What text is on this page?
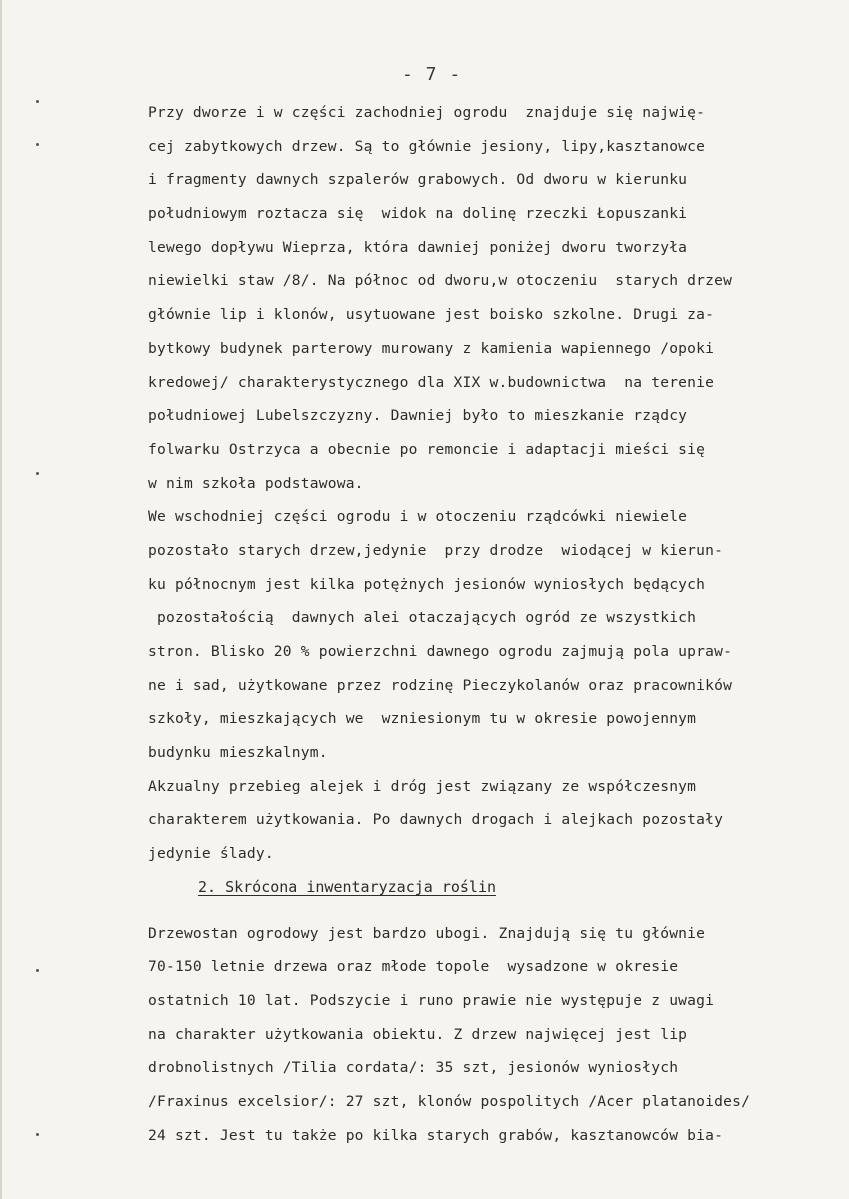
- 7 -
Przy dworze i w części zachodniej ogrodu  znajduje się najwię-
cej zabytkowych drzew. Są to głównie jesiony, lipy,kasztanowce
i fragmenty dawnych szpalerów grabowych. Od dworu w kierunku
południowym roztacza się  widok na dolinę rzeczki Łopuszanki
lewego dopływu Wieprza, która dawniej poniżej dworu tworzyła
niewielki staw /8/. Na północ od dworu,w otoczeniu  starych drzew
głównie lip i klonów, usytuowane jest boisko szkolne. Drugi za-
bytkowy budynek parterowy murowany z kamienia wapiennego /opoki
kredowej/ charakterystycznego dla XIX w.budownictwa  na terenie
południowej Lubelszczyzny. Dawniej było to mieszkanie rządcy
folwarku Ostrzyca a obecnie po remoncie i adaptacji mieści się
w nim szkoła podstawowa.
We wschodniej części ogrodu i w otoczeniu rządcówki niewiele
pozostało starych drzew,jedynie  przy drodze  wiodącej w kierun-
ku północnym jest kilka potężnych jesionów wyniosłych będących
pozostałością  dawnych alei otaczających ogród ze wszystkich
stron. Blisko 20 % powierzchni dawnego ogrodu zajmują pola upraw-
ne i sad, użytkowane przez rodzinę Pieczykolanów oraz pracowników
szkoły, mieszkających we  wzniesionym tu w okresie powojennym
budynku mieszkalnym.
Akzualny przebieg alejek i dróg jest związany ze współczesnym
charakterem użytkowania. Po dawnych drogach i alejkach pozostały
jedynie ślady.
2. Skrócona inwentaryzacja roślin
Drzewostan ogrodowy jest bardzo ubogi. Znajdują się tu głównie
70-150 letnie drzewa oraz młode topole  wysadzone w okresie
ostatnich 10 lat. Podszycie i runo prawie nie występuje z uwagi
na charakter użytkowania obiektu. Z drzew najwięcej jest lip
drobnolistnych /Tilia cordata/: 35 szt, jesionów wyniosłych
/Fraxinus excelsior/: 27 szt, klonów pospolitych /Acer platanoides/
24 szt. Jest tu także po kilka starych grabów, kasztanowców bia-
